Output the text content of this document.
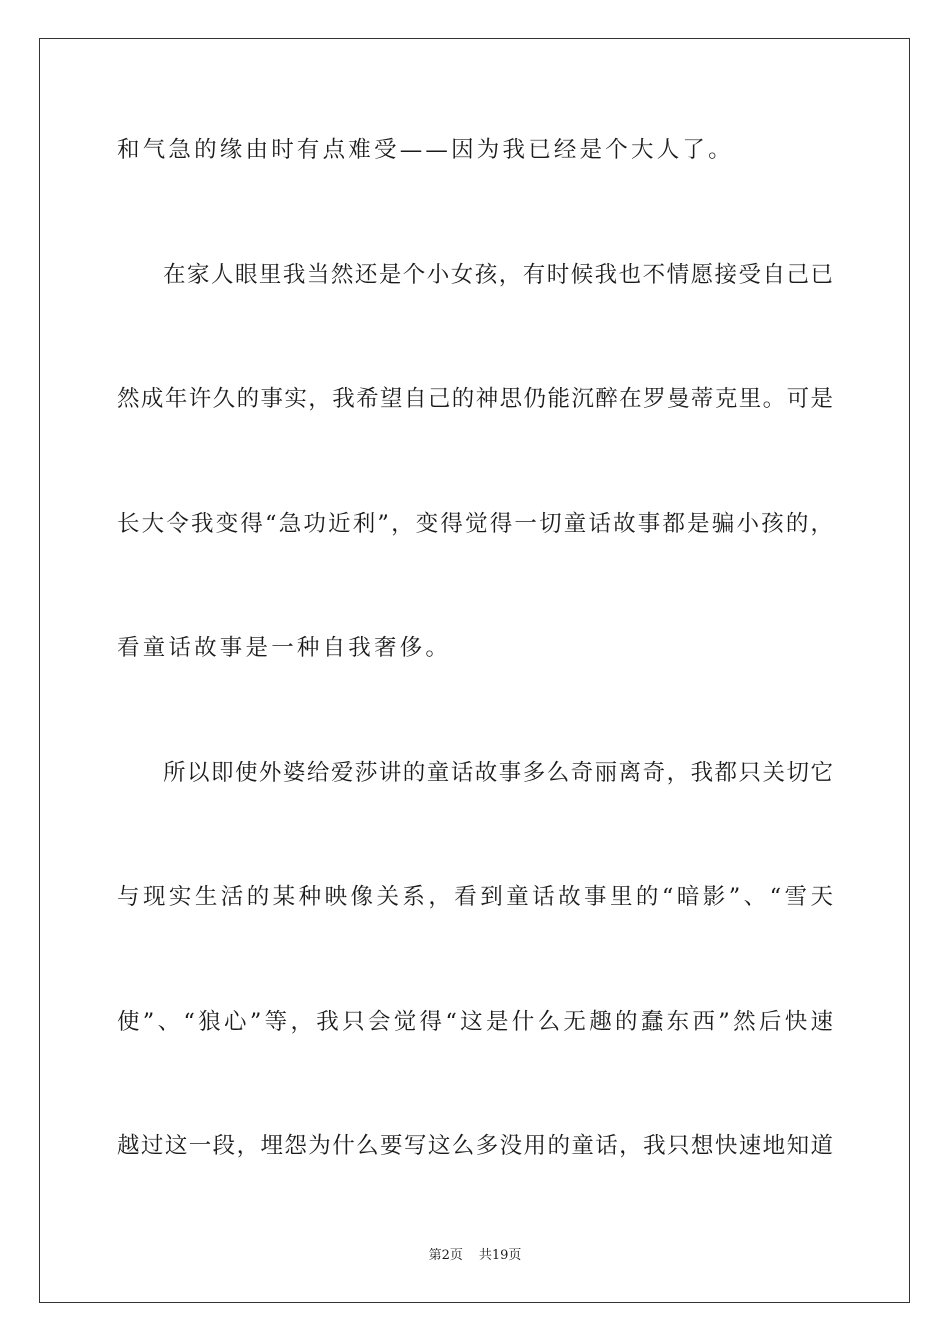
和气急的缘由时有点难受——因为我已经是个大人了。
在家人眼里我当然还是个小女孩，有时候我也不情愿接受自己已
然成年许久的事实，我希望自己的神思仍能沉醉在罗曼蒂克里。可是
长大令我变得“急功近利”，变得觉得一切童话故事都是骗小孩的，
看童话故事是一种自我奢侈。
所以即使外婆给爱莎讲的童话故事多么奇丽离奇，我都只关切它
与现实生活的某种映像关系，看到童话故事里的“暗影”、“雪天
使”、“狼心”等，我只会觉得“这是什么无趣的蠢东西”然后快速
越过这一段，埋怨为什么要写这么多没用的童话，我只想快速地知道
第2页 共19页
